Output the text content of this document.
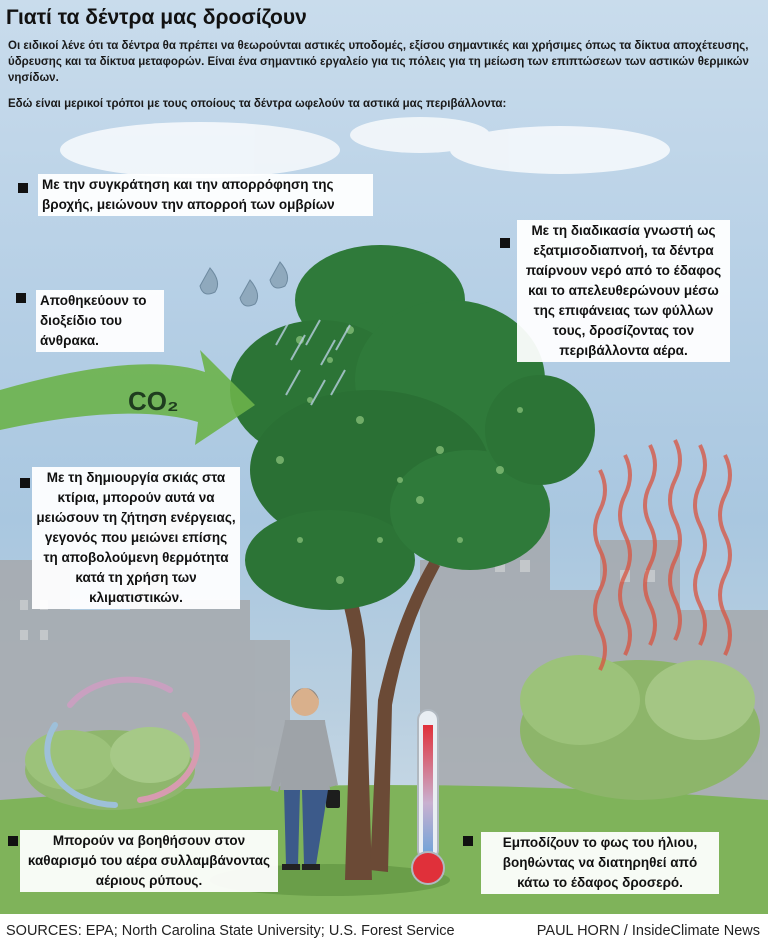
CO₂
Γιατί τα δέντρα μας δροσίζουν

Οι ειδικοί λένε ότι τα δέντρα θα πρέπει να θεωρούνται αστικές υποδομές, εξίσου σημαντικές και χρήσιμες όπως τα δίκτυα αποχέτευσης, ύδρευσης και τα δίκτυα μεταφορών. Είναι ένα σημαντικό εργαλείο για τις πόλεις για τη μείωση των επιπτώσεων των αστικών θερμικών νησίδων.

Εδώ είναι μερικοί τρόποι με τους οποίους τα δέντρα ωφελούν τα αστικά μας περιβάλλοντα:

Με την συγκράτηση και την απορρόφηση της βροχής, μειώνουν την απορροή των ομβρίων
Αποθηκεύουν το διοξείδιο του άνθρακα.
Με τη διαδικασία γνωστή ως εξατμισοδιαπνοή, τα δέντρα παίρνουν νερό από το έδαφος και το απελευθερώνουν μέσω της επιφάνειας των φύλλων τους, δροσίζοντας τον περιβάλλοντα αέρα.
Με τη δημιουργία σκιάς στα κτίρια, μπορούν αυτά να μειώσουν τη ζήτηση ενέργειας, γεγονός που μειώνει επίσης τη αποβολούμενη θερμότητα κατά τη χρήση των κλιματιστικών.
Μπορούν να βοηθήσουν στον καθαρισμό του αέρα συλλαμβάνοντας αέριους ρύπους.
Εμποδίζουν το φως του ήλιου, βοηθώντας να διατηρηθεί από κάτω το έδαφος δροσερό.
SOURCES: EPA; North Carolina State University; U.S. Forest Service	PAUL HORN / InsideClimate News
